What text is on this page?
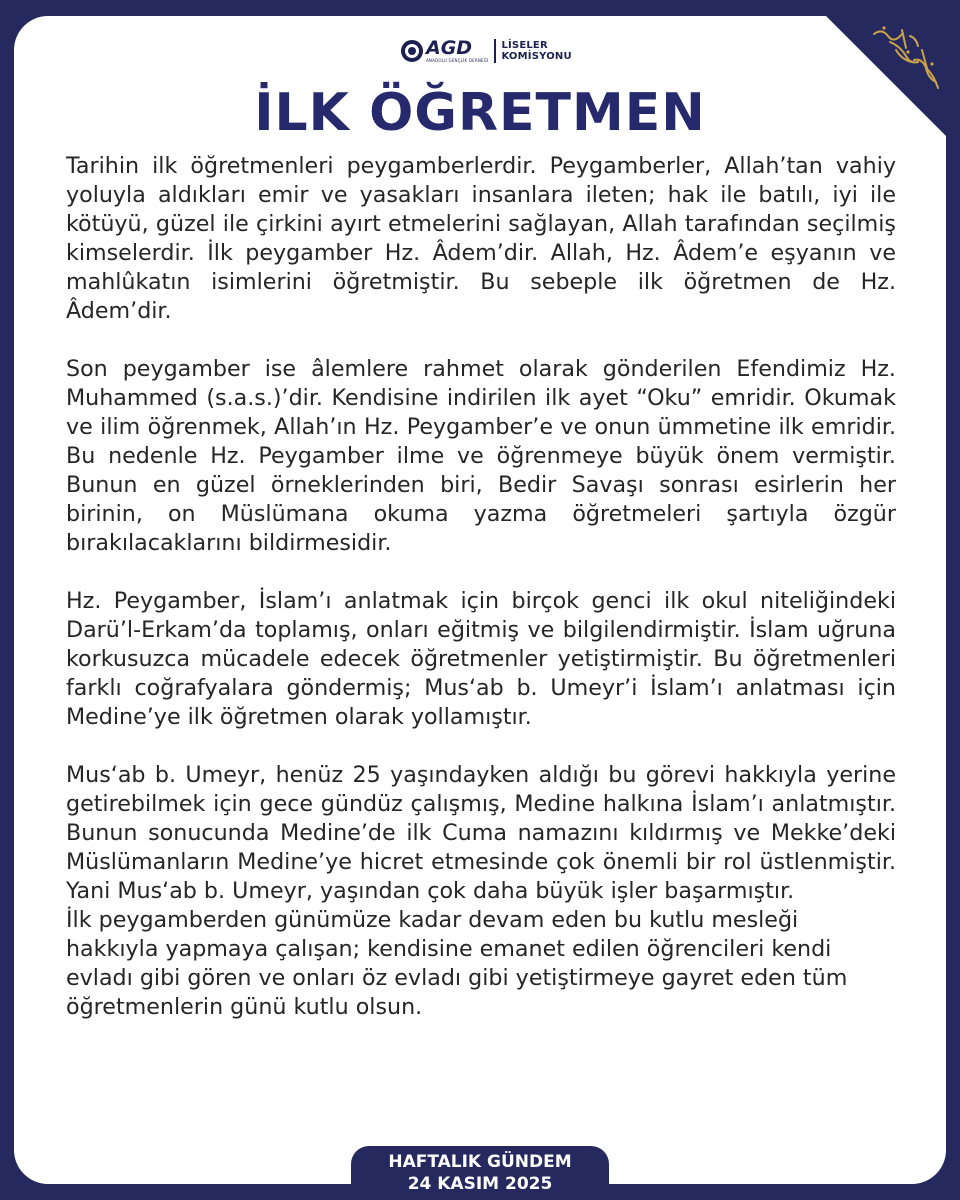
AGD
ANADOLU GENÇLİK DERNEĞİ
LİSELER
KOMİSYONU
İLK ÖĞRETMEN

Tarihin ilk öğretmenleri peygamberlerdir. Peygamberler, Allah’tan vahiy yoluyla aldıkları emir ve yasakları insanlara ileten; hak ile batılı, iyi ile kötüyü, güzel ile çirkini ayırt etmelerini sağlayan, Allah tarafından seçilmiş kimselerdir. İlk peygamber Hz. Âdem’dir. Allah, Hz. Âdem’e eşyanın ve mahlûkatın isimlerini öğretmiştir. Bu sebeple ilk öğretmen de Hz. Âdem’dir.

Son peygamber ise âlemlere rahmet olarak gönderilen Efendimiz Hz. Muhammed (s.a.s.)’dir. Kendisine indirilen ilk ayet “Oku” emridir. Okumak ve ilim öğrenmek, Allah’ın Hz. Peygamber’e ve onun ümmetine ilk emridir. Bu nedenle Hz. Peygamber ilme ve öğrenmeye büyük önem vermiştir. Bunun en güzel örneklerinden biri, Bedir Savaşı sonrası esirlerin her birinin, on Müslümana okuma yazma öğretmeleri şartıyla özgür bırakılacaklarını bildirmesidir.

Hz. Peygamber, İslam’ı anlatmak için birçok genci ilk okul niteliğindeki Darü’l-Erkam’da toplamış, onları eğitmiş ve bilgilendirmiştir. İslam uğruna korkusuzca mücadele edecek öğretmenler yetiştirmiştir. Bu öğretmenleri farklı coğrafyalara göndermiş; Mus‘ab b. Umeyr’i İslam’ı anlatması için Medine’ye ilk öğretmen olarak yollamıştır.

Mus‘ab b. Umeyr, henüz 25 yaşındayken aldığı bu görevi hakkıyla yerine getirebilmek için gece gündüz çalışmış, Medine halkına İslam’ı anlatmıştır. Bunun sonucunda Medine’de ilk Cuma namazını kıldırmış ve Mekke’deki Müslümanların Medine’ye hicret etmesinde çok önemli bir rol üstlenmiştir. Yani Mus‘ab b. Umeyr, yaşından çok daha büyük işler başarmıştır.

İlk peygamberden günümüze kadar devam eden bu kutlu mesleği hakkıyla yapmaya çalışan; kendisine emanet edilen öğrencileri kendi evladı gibi gören ve onları öz evladı gibi yetiştirmeye gayret eden tüm öğretmenlerin günü kutlu olsun.

HAFTALIK GÜNDEM
24 KASIM 2025
